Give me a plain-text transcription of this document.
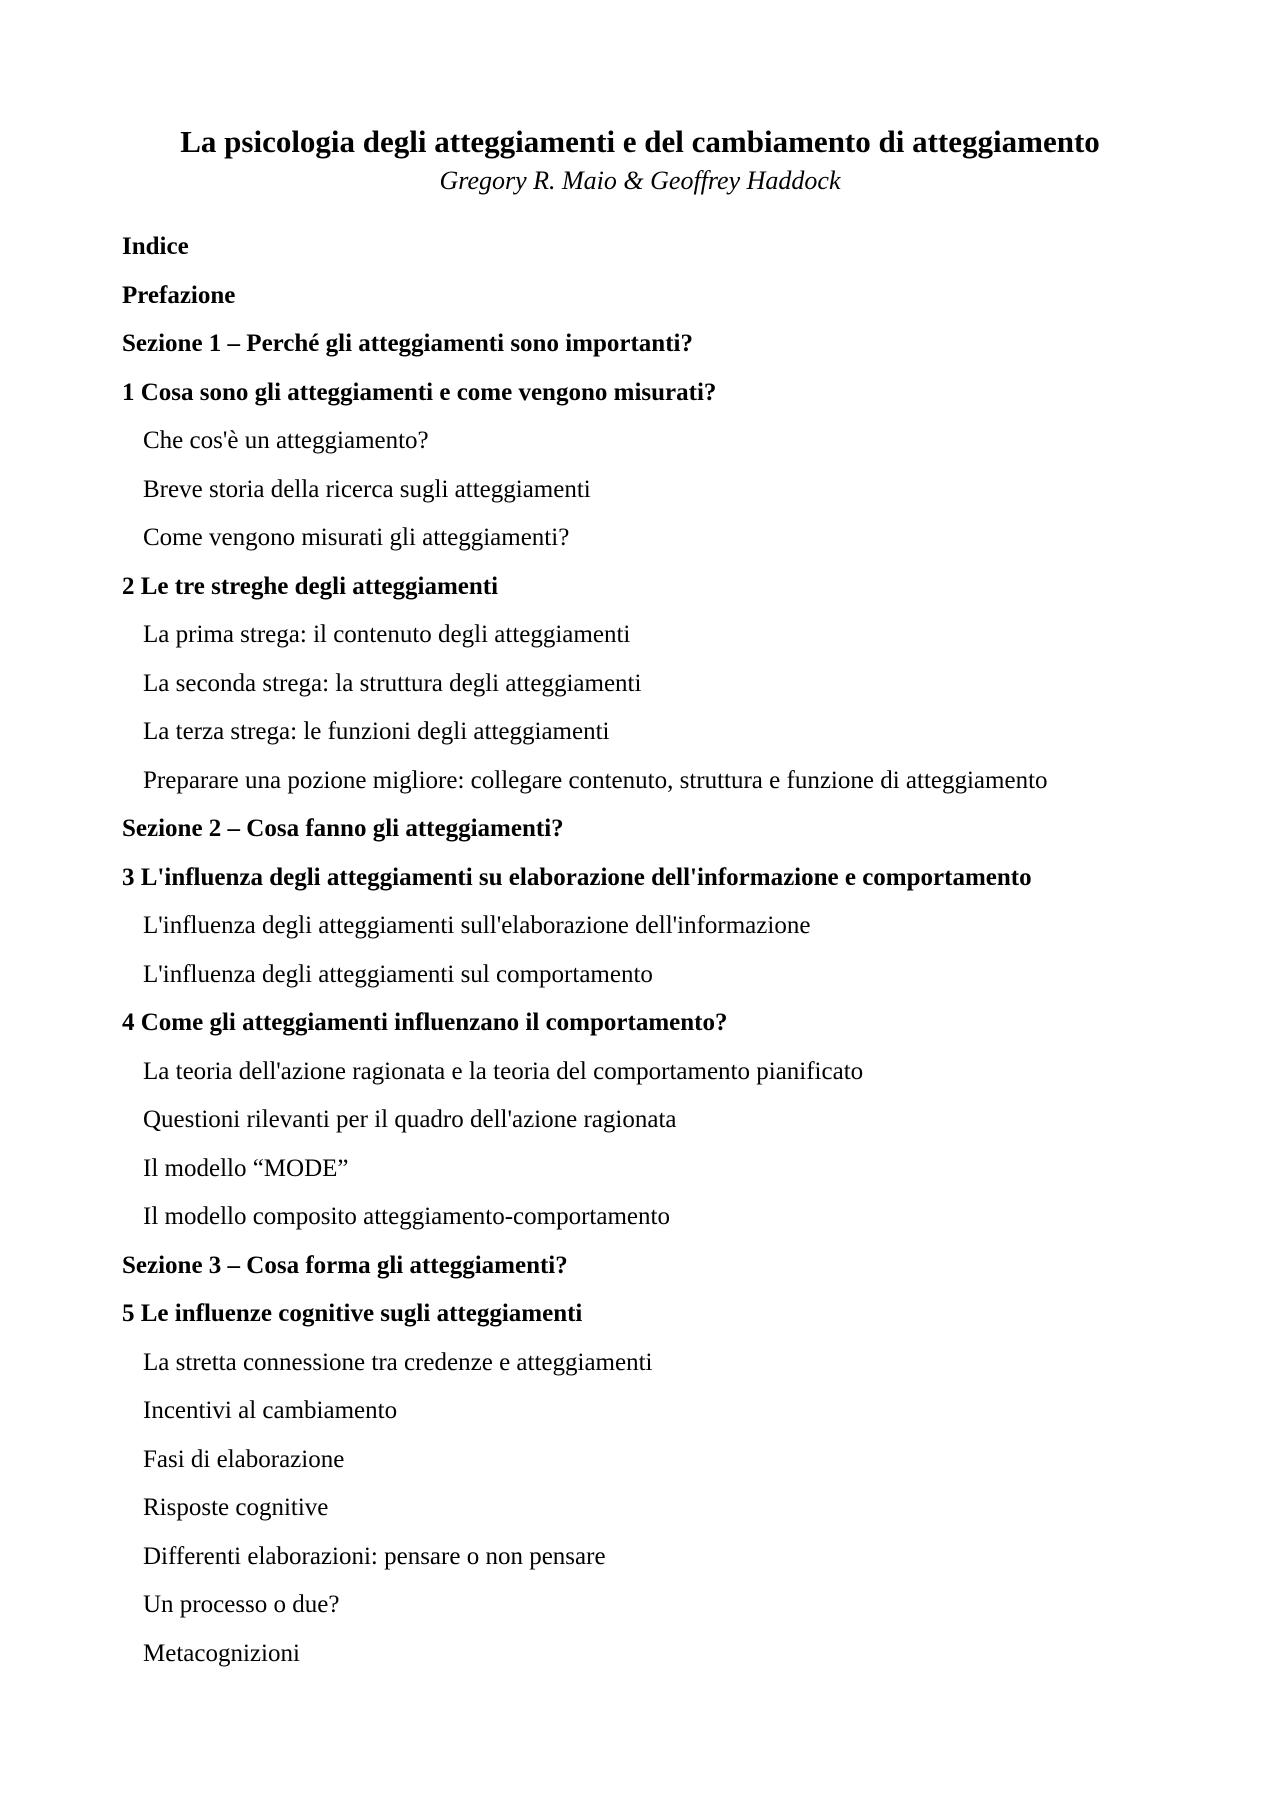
La psicologia degli atteggiamenti e del cambiamento di atteggiamento

Gregory R. Maio & Geoffrey Haddock

Indice
Prefazione
Sezione 1 – Perché gli atteggiamenti sono importanti?
1 Cosa sono gli atteggiamenti e come vengono misurati?
Che cos'è un atteggiamento?
Breve storia della ricerca sugli atteggiamenti
Come vengono misurati gli atteggiamenti?
2 Le tre streghe degli atteggiamenti
La prima strega: il contenuto degli atteggiamenti
La seconda strega: la struttura degli atteggiamenti
La terza strega: le funzioni degli atteggiamenti
Preparare una pozione migliore: collegare contenuto, struttura e funzione di atteggiamento
Sezione 2 – Cosa fanno gli atteggiamenti?
3 L'influenza degli atteggiamenti su elaborazione dell'informazione e comportamento
L'influenza degli atteggiamenti sull'elaborazione dell'informazione
L'influenza degli atteggiamenti sul comportamento
4 Come gli atteggiamenti influenzano il comportamento?
La teoria dell'azione ragionata e la teoria del comportamento pianificato
Questioni rilevanti per il quadro dell'azione ragionata
Il modello “MODE”
Il modello composito atteggiamento-comportamento
Sezione 3 – Cosa forma gli atteggiamenti?
5 Le influenze cognitive sugli atteggiamenti
La stretta connessione tra credenze e atteggiamenti
Incentivi al cambiamento
Fasi di elaborazione
Risposte cognitive
Differenti elaborazioni: pensare o non pensare
Un processo o due?
Metacognizioni
